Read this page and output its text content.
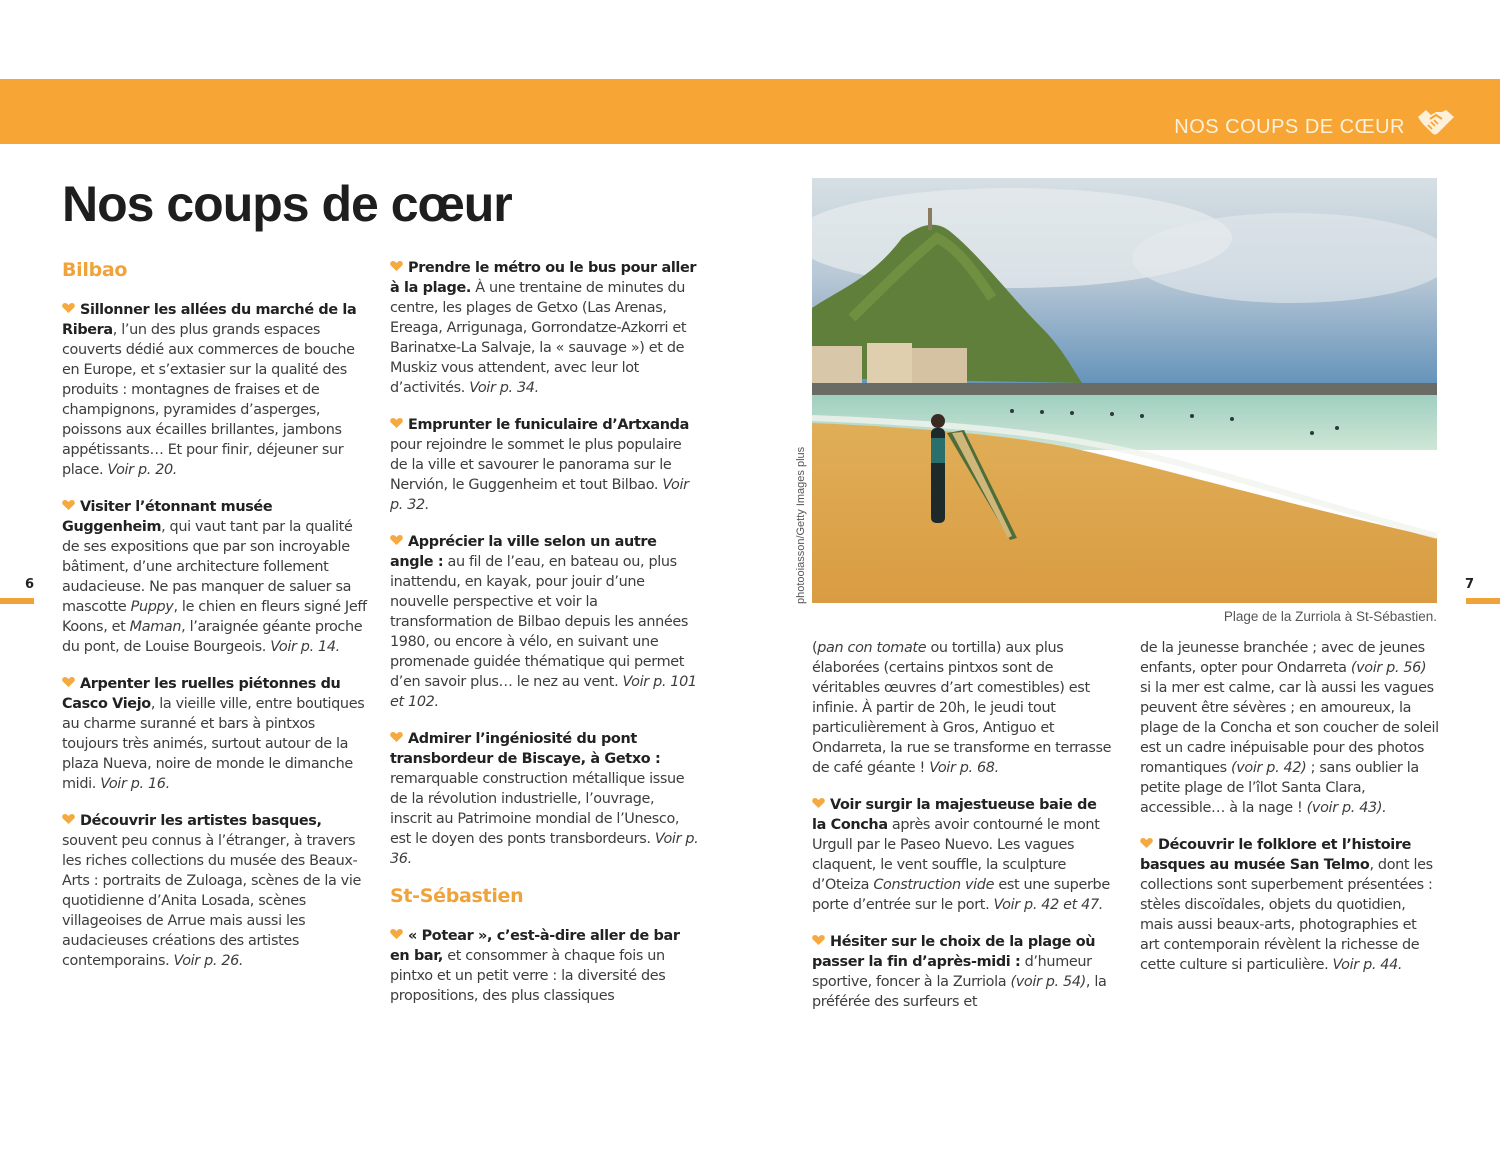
NOS COUPS DE CŒUR
Nos coups de cœur
Bilbao

Sillonner les allées du marché de la Ribera, l’un des plus grands espaces couverts dédié aux commerces de bouche en Europe, et s’extasier sur la qualité des produits : montagnes de fraises et de champignons, pyramides d’asperges, poissons aux écailles brillantes, jambons appétissants… Et pour finir, déjeuner sur place. Voir p. 20.

Visiter l’étonnant musée Guggenheim, qui vaut tant par la qualité de ses expositions que par son incroyable bâtiment, d’une architecture follement audacieuse. Ne pas manquer de saluer sa mascotte Puppy, le chien en fleurs signé Jeff Koons, et Maman, l’araignée géante proche du pont, de Louise Bourgeois. Voir p. 14.

Arpenter les ruelles piétonnes du Casco Viejo, la vieille ville, entre boutiques au charme suranné et bars à pintxos toujours très animés, surtout autour de la plaza Nueva, noire de monde le dimanche midi. Voir p. 16.

Découvrir les artistes basques, souvent peu connus à l’étranger, à travers les riches collections du musée des Beaux-Arts : portraits de Zuloaga, scènes de la vie quotidienne d’Anita Losada, scènes villageoises de Arrue mais aussi les audacieuses créations des artistes contemporains. Voir p. 26.

Prendre le métro ou le bus pour aller à la plage. À une trentaine de minutes du centre, les plages de Getxo (Las Arenas, Ereaga, Arrigunaga, Gorrondatze-Azkorri et Barinatxe-La Salvaje, la « sauvage ») et de Muskiz vous attendent, avec leur lot d’activités. Voir p. 34.

Emprunter le funiculaire d’Artxanda pour rejoindre le sommet le plus populaire de la ville et savourer le panorama sur le Nervión, le Guggenheim et tout Bilbao. Voir p. 32.

Apprécier la ville selon un autre angle : au fil de l’eau, en bateau ou, plus inattendu, en kayak, pour jouir d’une nouvelle perspective et voir la transformation de Bilbao depuis les années 1980, ou encore à vélo, en suivant une promenade guidée thématique qui permet d’en savoir plus… le nez au vent. Voir p. 101 et 102.

Admirer l’ingéniosité du pont transbordeur de Biscaye, à Getxo : remarquable construction métallique issue de la révolution industrielle, l’ouvrage, inscrit au Patrimoine mondial de l’Unesco, est le doyen des ponts transbordeurs. Voir p. 36.

St-Sébastien

« Potear », c’est-à-dire aller de bar en bar, et consommer à chaque fois un pintxo et un petit verre : la diversité des propositions, des plus classiques

photooiasson/Getty Images plus
Plage de la Zurriola à St-Sébastien.

(pan con tomate ou tortilla) aux plus élaborées (certains pintxos sont de véritables œuvres d’art comestibles) est infinie. À partir de 20h, le jeudi tout particulièrement à Gros, Antiguo et Ondarreta, la rue se transforme en terrasse de café géante ! Voir p. 68.

Voir surgir la majestueuse baie de la Concha après avoir contourné le mont Urgull par le Paseo Nuevo. Les vagues claquent, le vent souffle, la sculpture d’Oteiza Construction vide est une superbe porte d’entrée sur le port. Voir p. 42 et 47.

Hésiter sur le choix de la plage où passer la fin d’après-midi : d’humeur sportive, foncer à la Zurriola (voir p. 54), la préférée des surfeurs et

de la jeunesse branchée ; avec de jeunes enfants, opter pour Ondarreta (voir p. 56) si la mer est calme, car là aussi les vagues peuvent être sévères ; en amoureux, la plage de la Concha et son coucher de soleil est un cadre inépuisable pour des photos romantiques (voir p. 42) ; sans oublier la petite plage de l’îlot Santa Clara, accessible… à la nage ! (voir p. 43).

Découvrir le folklore et l’histoire basques au musée San Telmo, dont les collections sont superbement présentées : stèles discoïdales, objets du quotidien, mais aussi beaux-arts, photographies et art contemporain révèlent la richesse de cette culture si particulière. Voir p. 44.

6	7
